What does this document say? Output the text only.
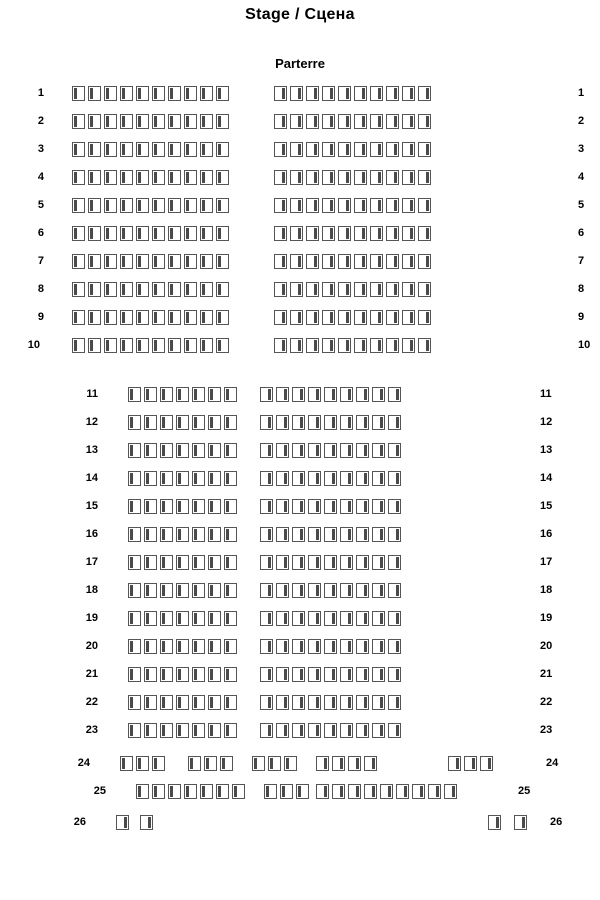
Stage / Сцена
Parterre
1	1
2	2
3	3
4	4
5	5
6	6
7	7
8	8
9	9
10	10
11	11
12	12
13	13
14	14
15	15
16	16
17	17
18	18
19	19
20	20
21	21
22	22
23	23
24	24
25	25
26	26
